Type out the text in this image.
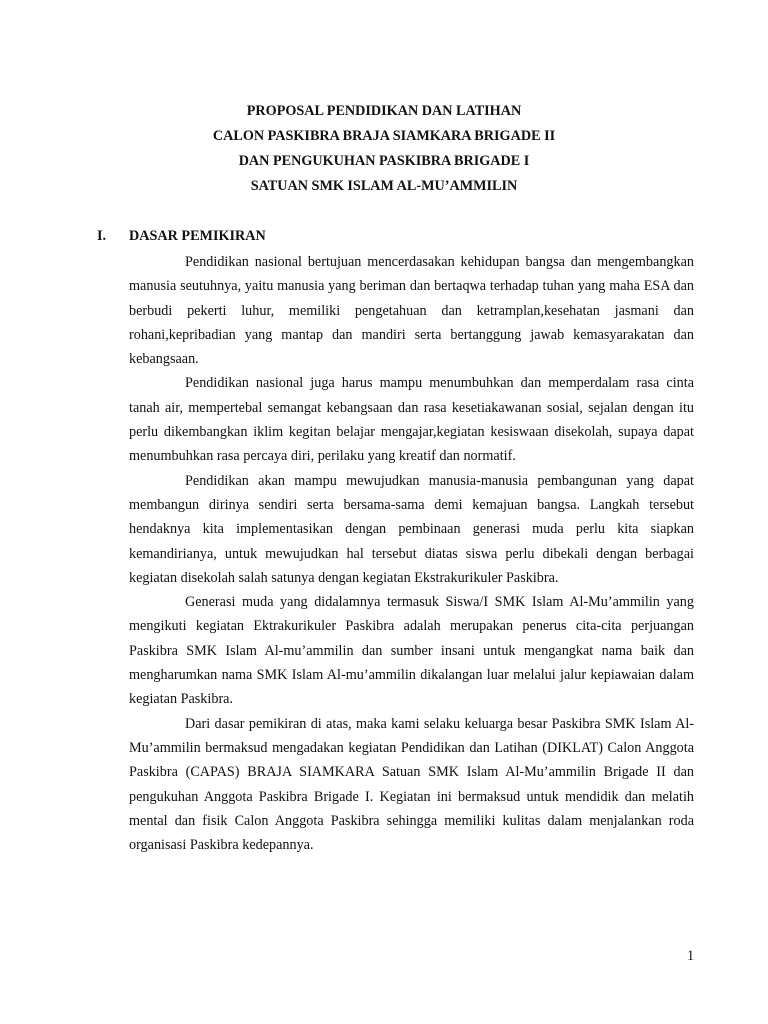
PROPOSAL PENDIDIKAN DAN LATIHAN
CALON PASKIBRA BRAJA SIAMKARA BRIGADE II
DAN PENGUKUHAN PASKIBRA BRIGADE I
SATUAN SMK ISLAM AL-MU’AMMILIN
I. DASAR PEMIKIRAN

Pendidikan nasional bertujuan mencerdasakan kehidupan bangsa dan mengembangkan manusia seutuhnya, yaitu manusia yang beriman dan bertaqwa terhadap tuhan yang maha ESA dan berbudi pekerti luhur, memiliki pengetahuan dan ketramplan,kesehatan jasmani dan rohani,kepribadian yang mantap dan mandiri serta bertanggung jawab kemasyarakatan dan kebangsaan.

Pendidikan nasional juga harus mampu menumbuhkan dan memperdalam rasa cinta tanah air, mempertebal semangat kebangsaan dan rasa kesetiakawanan sosial, sejalan dengan itu perlu dikembangkan iklim kegitan belajar mengajar,kegiatan kesiswaan disekolah, supaya dapat menumbuhkan rasa percaya diri, perilaku yang kreatif dan normatif.

Pendidikan akan mampu mewujudkan manusia-manusia pembangunan yang dapat membangun dirinya sendiri serta bersama-sama demi kemajuan bangsa. Langkah tersebut hendaknya kita implementasikan dengan pembinaan generasi muda perlu kita siapkan kemandirianya, untuk mewujudkan hal tersebut diatas siswa perlu dibekali dengan berbagai kegiatan disekolah salah satunya dengan kegiatan Ekstrakurikuler Paskibra.

Generasi muda yang didalamnya termasuk Siswa/I SMK Islam Al-Mu’ammilin yang mengikuti kegiatan Ektrakurikuler Paskibra adalah merupakan penerus cita-cita perjuangan Paskibra SMK Islam Al-mu’ammilin dan sumber insani untuk mengangkat nama baik dan mengharumkan nama SMK Islam Al-mu’ammilin dikalangan luar melalui jalur kepiawaian dalam kegiatan Paskibra.

Dari dasar pemikiran di atas, maka kami selaku keluarga besar Paskibra SMK Islam Al-Mu’ammilin bermaksud mengadakan kegiatan Pendidikan dan Latihan (DIKLAT) Calon Anggota Paskibra (CAPAS) BRAJA SIAMKARA Satuan SMK Islam Al-Mu’ammilin Brigade II dan pengukuhan Anggota Paskibra Brigade I. Kegiatan ini bermaksud untuk mendidik dan melatih mental dan fisik Calon Anggota Paskibra sehingga memiliki kulitas dalam menjalankan roda organisasi Paskibra kedepannya.

1
